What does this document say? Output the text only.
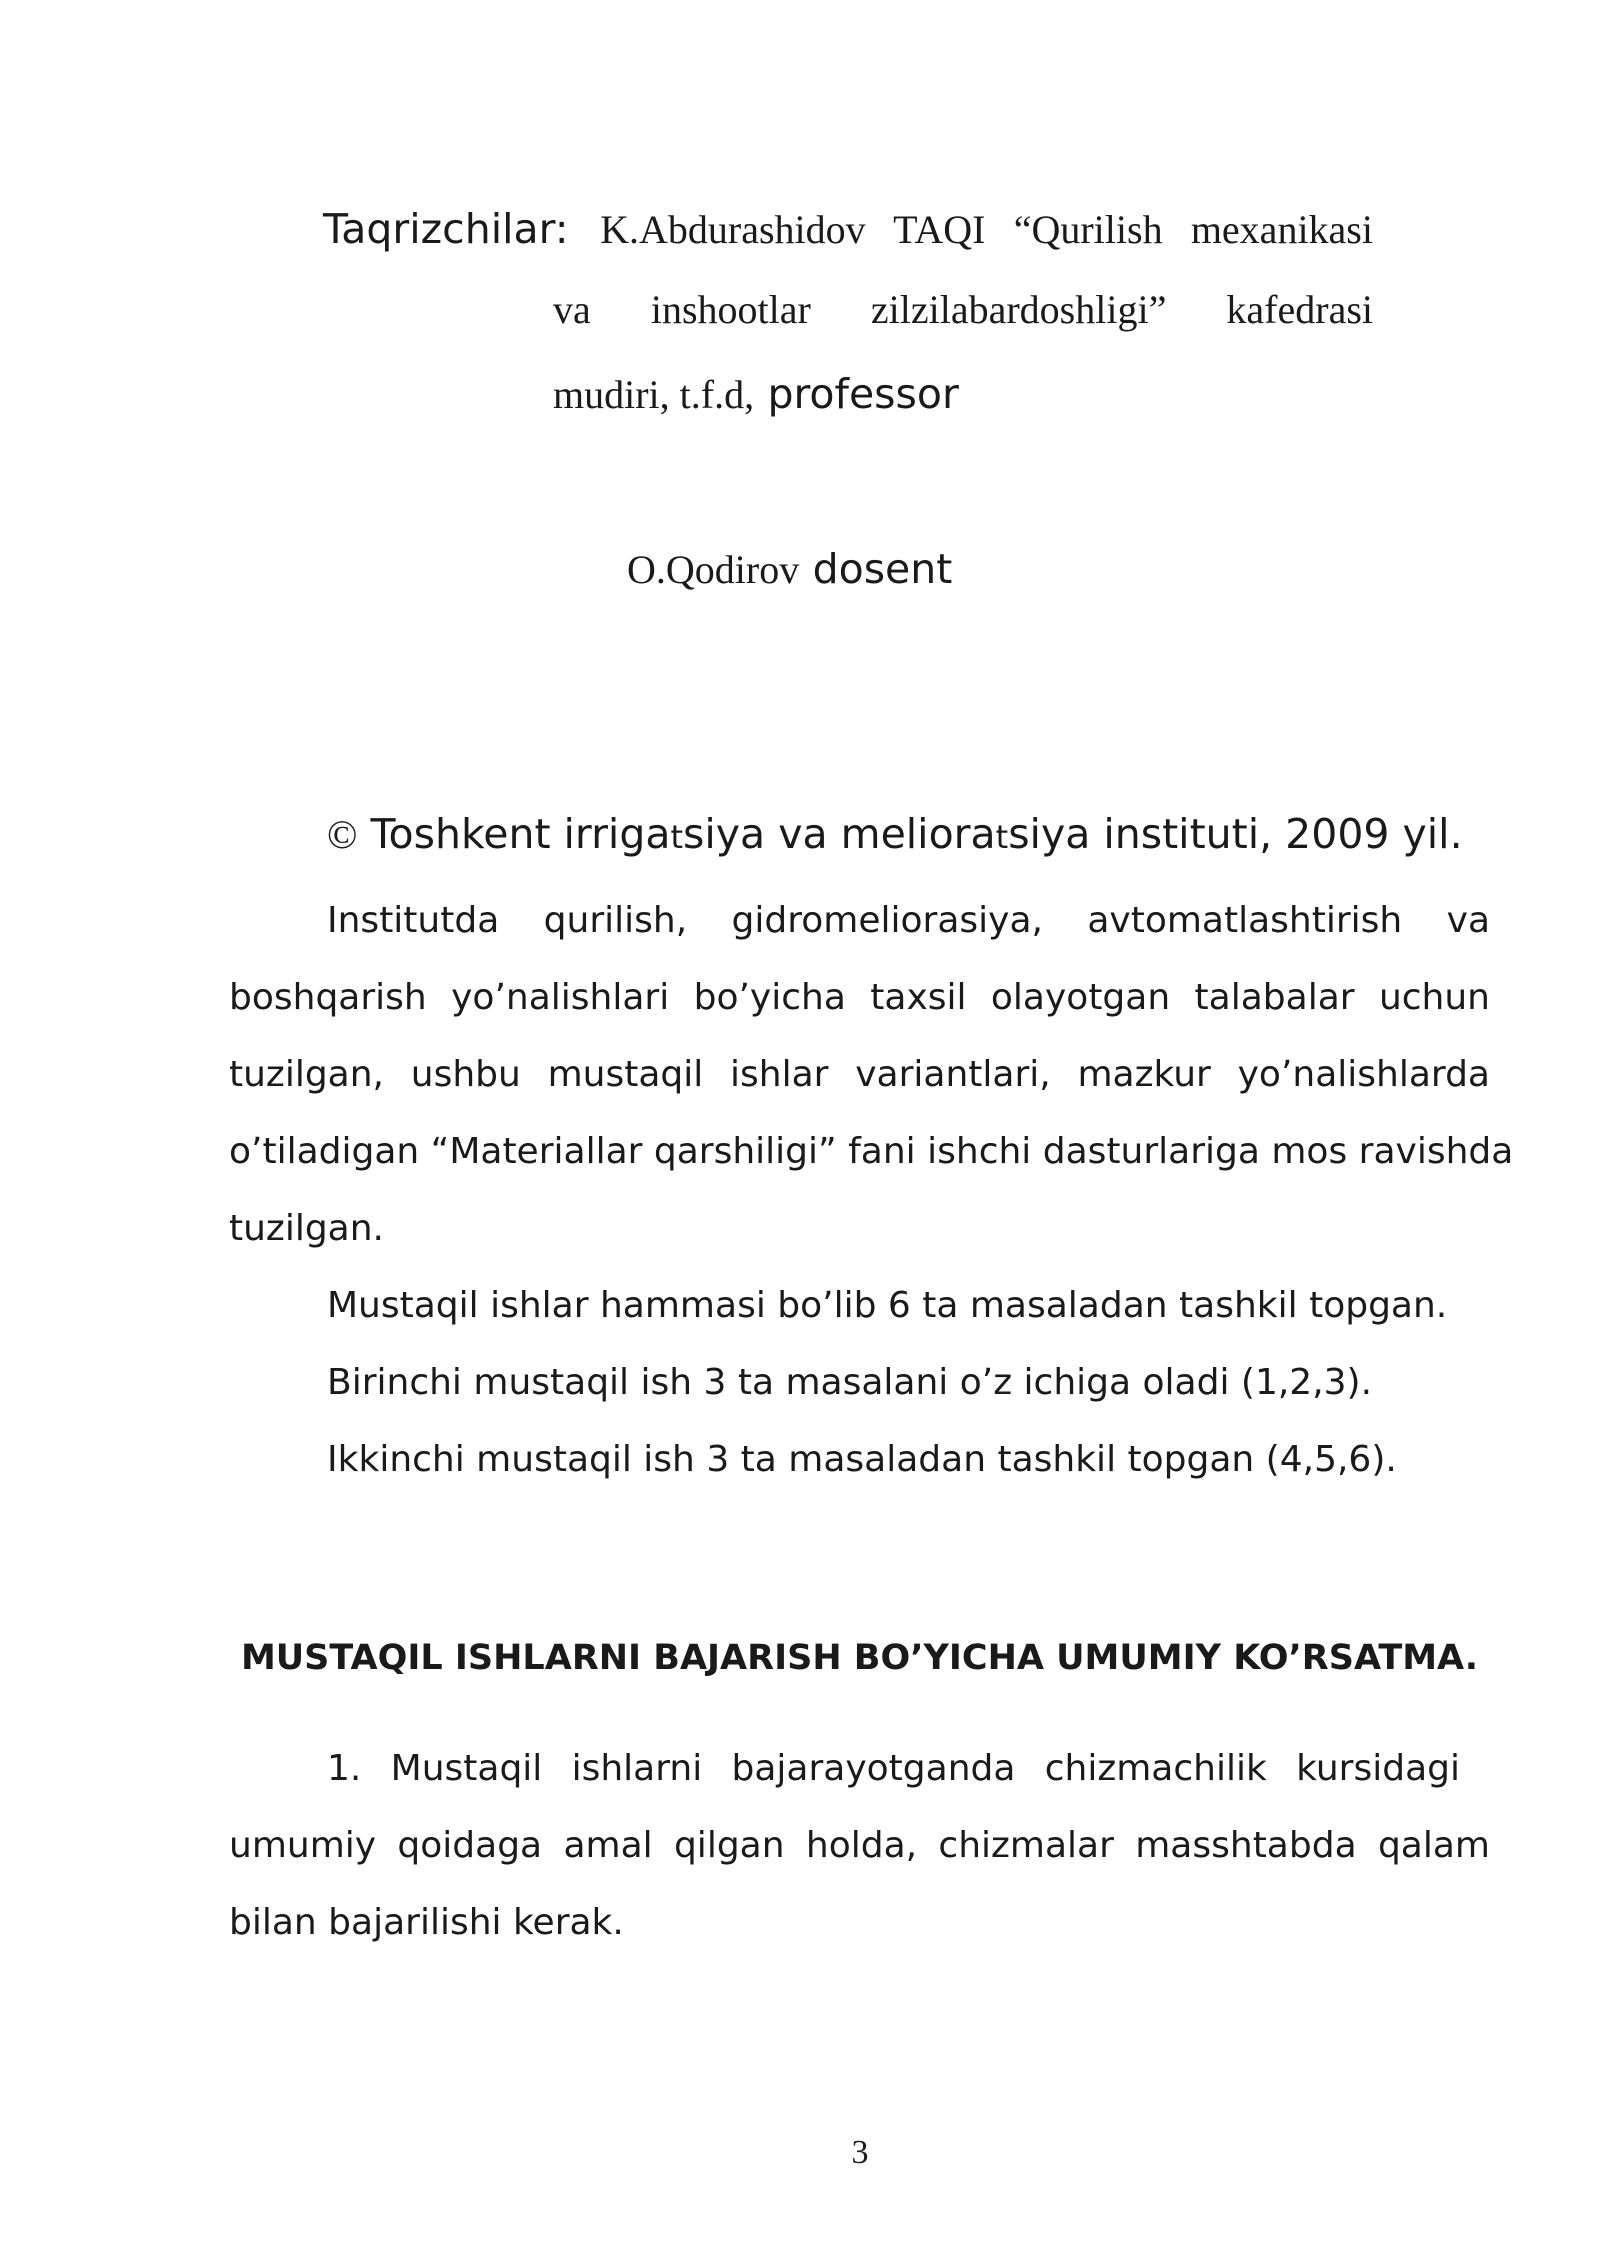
Taqrizchilar: K.Abdurashidov TAQI “Qurilish mexanikasi
va inshootlar zilzilabardoshligi” kafedrasi
mudiri, t.f.d, professor
O.Qodirov dosent
© Toshkent irrigatsiya va melioratsiya instituti, 2009 yil.
Institutda qurilish, gidromeliorasiya, avtomatlashtirish va
boshqarish yo’nalishlari bo’yicha taxsil olayotgan talabalar uchun
tuzilgan, ushbu mustaqil ishlar variantlari, mazkur yo’nalishlarda
o’tiladigan “Materiallar qarshiligi” fani ishchi dasturlariga mos ravishda
tuzilgan.
Mustaqil ishlar hammasi bo’lib 6 ta masaladan tashkil topgan.
Birinchi mustaqil ish 3 ta masalani o’z ichiga oladi (1,2,3).
Ikkinchi mustaqil ish 3 ta masaladan tashkil topgan (4,5,6).
MUSTAQIL ISHLARNI BAJARISH BO’YICHA UMUMIY KO’RSATMA.
1. Mustaqil ishlarni bajarayotganda chizmachilik kursidagi
umumiy qoidaga amal qilgan holda, chizmalar masshtabda qalam
bilan bajarilishi kerak.
3
